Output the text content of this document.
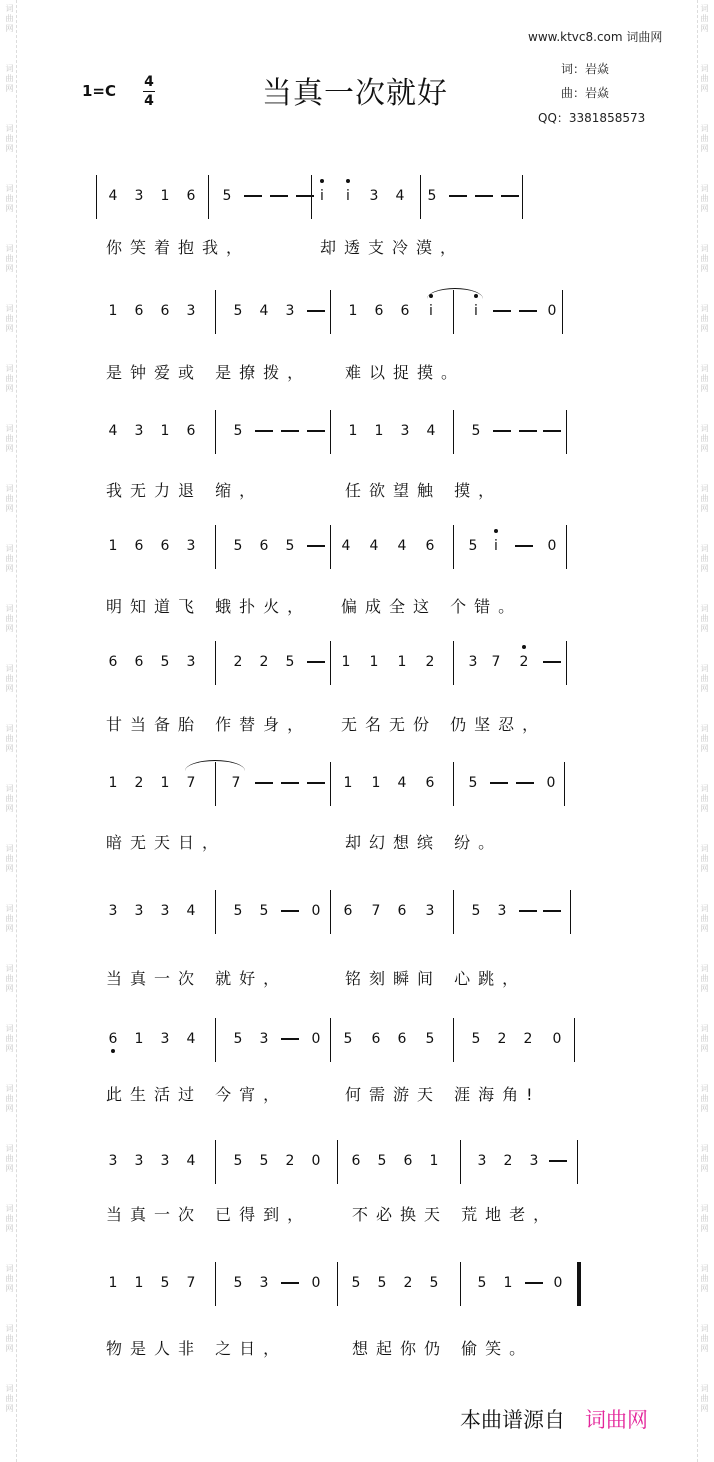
词
曲
网
词
曲
网
词
曲
网
词
曲
网
词
曲
网
词
曲
网
词
曲
网
词
曲
网
词
曲
网
词
曲
网
词
曲
网
词
曲
网
词
曲
网
词
曲
网
词
曲
网
词
曲
网
词
曲
网
词
曲
网
词
曲
网
词
曲
网
词
曲
网
词
曲
网
词
曲
网
词
曲
网
词
曲
网
词
曲
网
词
曲
网
词
曲
网
词
曲
网
词
曲
网
词
曲
网
词
曲
网
词
曲
网
词
曲
网
词
曲
网
词
曲
网
词
曲
网
词
曲
网
词
曲
网
词
曲
网
词
曲
网
词
曲
网
词
曲
网
词
曲
网
词
曲
网
词
曲
网
词
曲
网
词
曲
网
www.ktvc8.com 词曲网
1=C 4
4	当真一次就好
词：岩焱
曲：岩焱
QQ：3381858573
4	3	1	6	5	i	i	3	4	5
你笑着抱我，	却透支冷漠，
1	6	6	3	5	4	3	1	6	6	i	i	0
是钟爱或 是撩拨， 难以捉摸。
4	3	1	6	5	1	1	3	4	5
我无力退 缩，	任欲望触 摸，
1	6	6	3	5	6	5	4	4	4	6	5	i	0
明知道飞 蛾扑火， 偏成全这 个错。
6	6	5	3	2	2	5	1	1	1	2	3	7	2
甘当备胎 作替身， 无名无份 仍坚忍，
1	2	1	7	7	1	1	4	6	5	0
暗无天日，	却幻想缤 纷。
3	3	3	4	5	5	0	6	7	6	3	5	3
当真一次 就好，	铭刻瞬间 心跳，
6	1	3	4	5	3	0	5	6	6	5	5	2	2	0
此生活过 今宵，	何需游天 涯海角!
3	3	3	4	5	5	2	0	6	5	6	1	3	2	3
当真一次 已得到，	不必换天 荒地老，
1	1	5	7	5	3	0	5	5	2	5	5	1	0
物是人非 之日，	想起你仍 偷笑。
本曲谱源自 词曲网
